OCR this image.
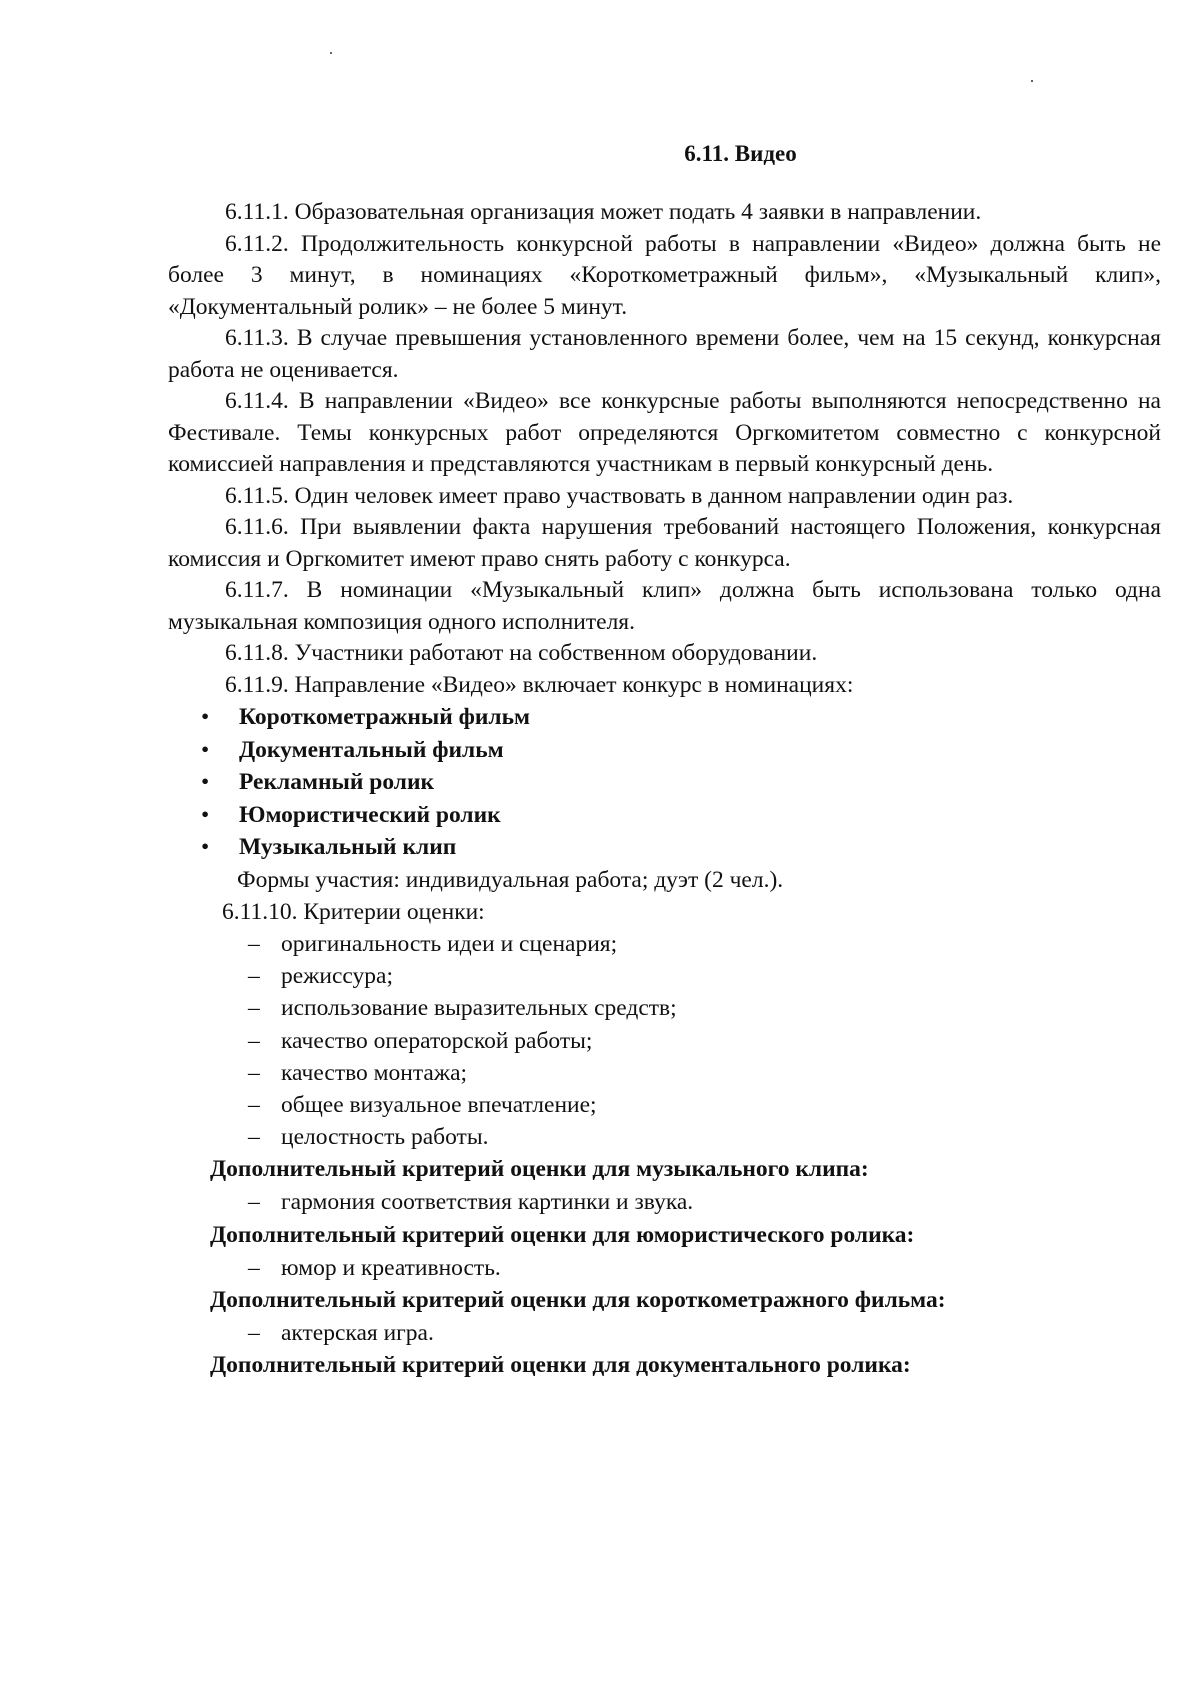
6.11. Видео

6.11.1. Образовательная организация может подать 4 заявки в направлении.

6.11.2. Продолжительность конкурсной работы в направлении «Видео» должна быть не более 3 минут, в номинациях «Короткометражный фильм», «Музыкальный клип», «Документальный ролик» – не более 5 минут.

6.11.3. В случае превышения установленного времени более, чем на 15 секунд, конкурсная работа не оценивается.

6.11.4. В направлении «Видео» все конкурсные работы выполняются непосредственно на Фестивале. Темы конкурсных работ определяются Оргкомитетом совместно с конкурсной комиссией направления и представляются участникам в первый конкурсный день.

6.11.5. Один человек имеет право участвовать в данном направлении один раз.

6.11.6. При выявлении факта нарушения требований настоящего Положения, конкурсная комиссия и Оргкомитет имеют право снять работу с конкурса.

6.11.7. В номинации «Музыкальный клип» должна быть использована только одна музыкальная композиция одного исполнителя.

6.11.8. Участники работают на собственном оборудовании.

6.11.9. Направление «Видео» включает конкурс в номинациях:

• Короткометражный фильм
• Документальный фильм
• Рекламный ролик
• Юмористический ролик
• Музыкальный клип

Формы участия: индивидуальная работа; дуэт (2 чел.).

6.11.10. Критерии оценки:

– оригинальность идеи и сценария;
– режиссура;
– использование выразительных средств;
– качество операторской работы;
– качество монтажа;
– общее визуальное впечатление;
– целостность работы.

Дополнительный критерий оценки для музыкального клипа:

– гармония соответствия картинки и звука.

Дополнительный критерий оценки для юмористического ролика:

– юмор и креативность.

Дополнительный критерий оценки для короткометражного фильма:

– актерская игра.

Дополнительный критерий оценки для документального ролика:
